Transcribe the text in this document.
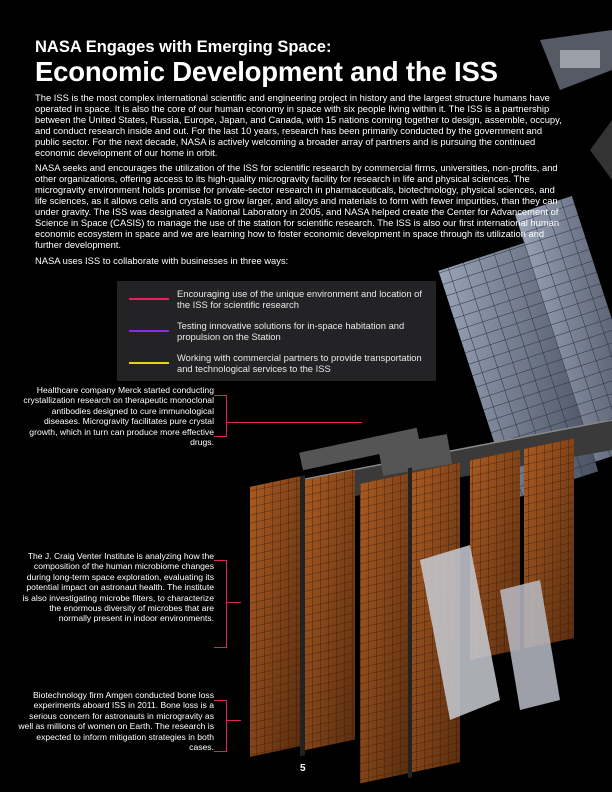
NASA Engages with Emerging Space:
Economic Development and the ISS

The ISS is the most complex international scientific and engineering project in history and the largest structure humans have operated in space. It is also the core of our human economy in space with six people living within it. The ISS is a partnership between the United States, Russia, Europe, Japan, and Canada, with 15 nations coming together to design, assemble, occupy, and conduct research inside and out. For the last 10 years, research has been primarily conducted by the government and public sector. For the next decade, NASA is actively welcoming a broader array of partners and is pursuing the continued economic development of our home in orbit.

NASA seeks and encourages the utilization of the ISS for scientific research by commercial firms, universities, non-profits, and other organizations, offering access to its high-quality microgravity facility for research in life and physical sciences. The microgravity environment holds promise for private-sector research in pharmaceuticals, biotechnology, physical sciences, and life sciences, as it allows cells and crystals to grow larger, and alloys and materials to form with fewer impurities, than they can under gravity. The ISS was designated a National Laboratory in 2005, and NASA helped create the Center for Advancement of Science in Space (CASIS) to manage the use of the station for scientific research. The ISS is also our first international human economic ecosystem in space and we are learning how to foster economic development in space through its utilization and further development.

NASA uses ISS to collaborate with businesses in three ways:

Encouraging use of the unique environment and location of the ISS for scientific research
Testing innovative solutions for in-space habitation and propulsion on the Station
Working with commercial partners to provide transportation and technological services to the ISS
Healthcare company Merck started conducting crystallization research on therapeutic monoclonal antibodies designed to cure immunological diseases. Microgravity facilitates pure crystal growth, which in turn can produce more effective drugs.
The J. Craig Venter Institute is analyzing how the composition of the human microbiome changes during long-term space exploration, evaluating its potential impact on astronaut health. The institute is also investigating microbe filters, to characterize the enormous diversity of microbes that are normally present in indoor environments.
Biotechnology firm Amgen conducted bone loss experiments aboard ISS in 2011. Bone loss is a serious concern for astronauts in microgravity as well as millions of women on Earth. The research is expected to inform mitigation strategies in both cases.
5
